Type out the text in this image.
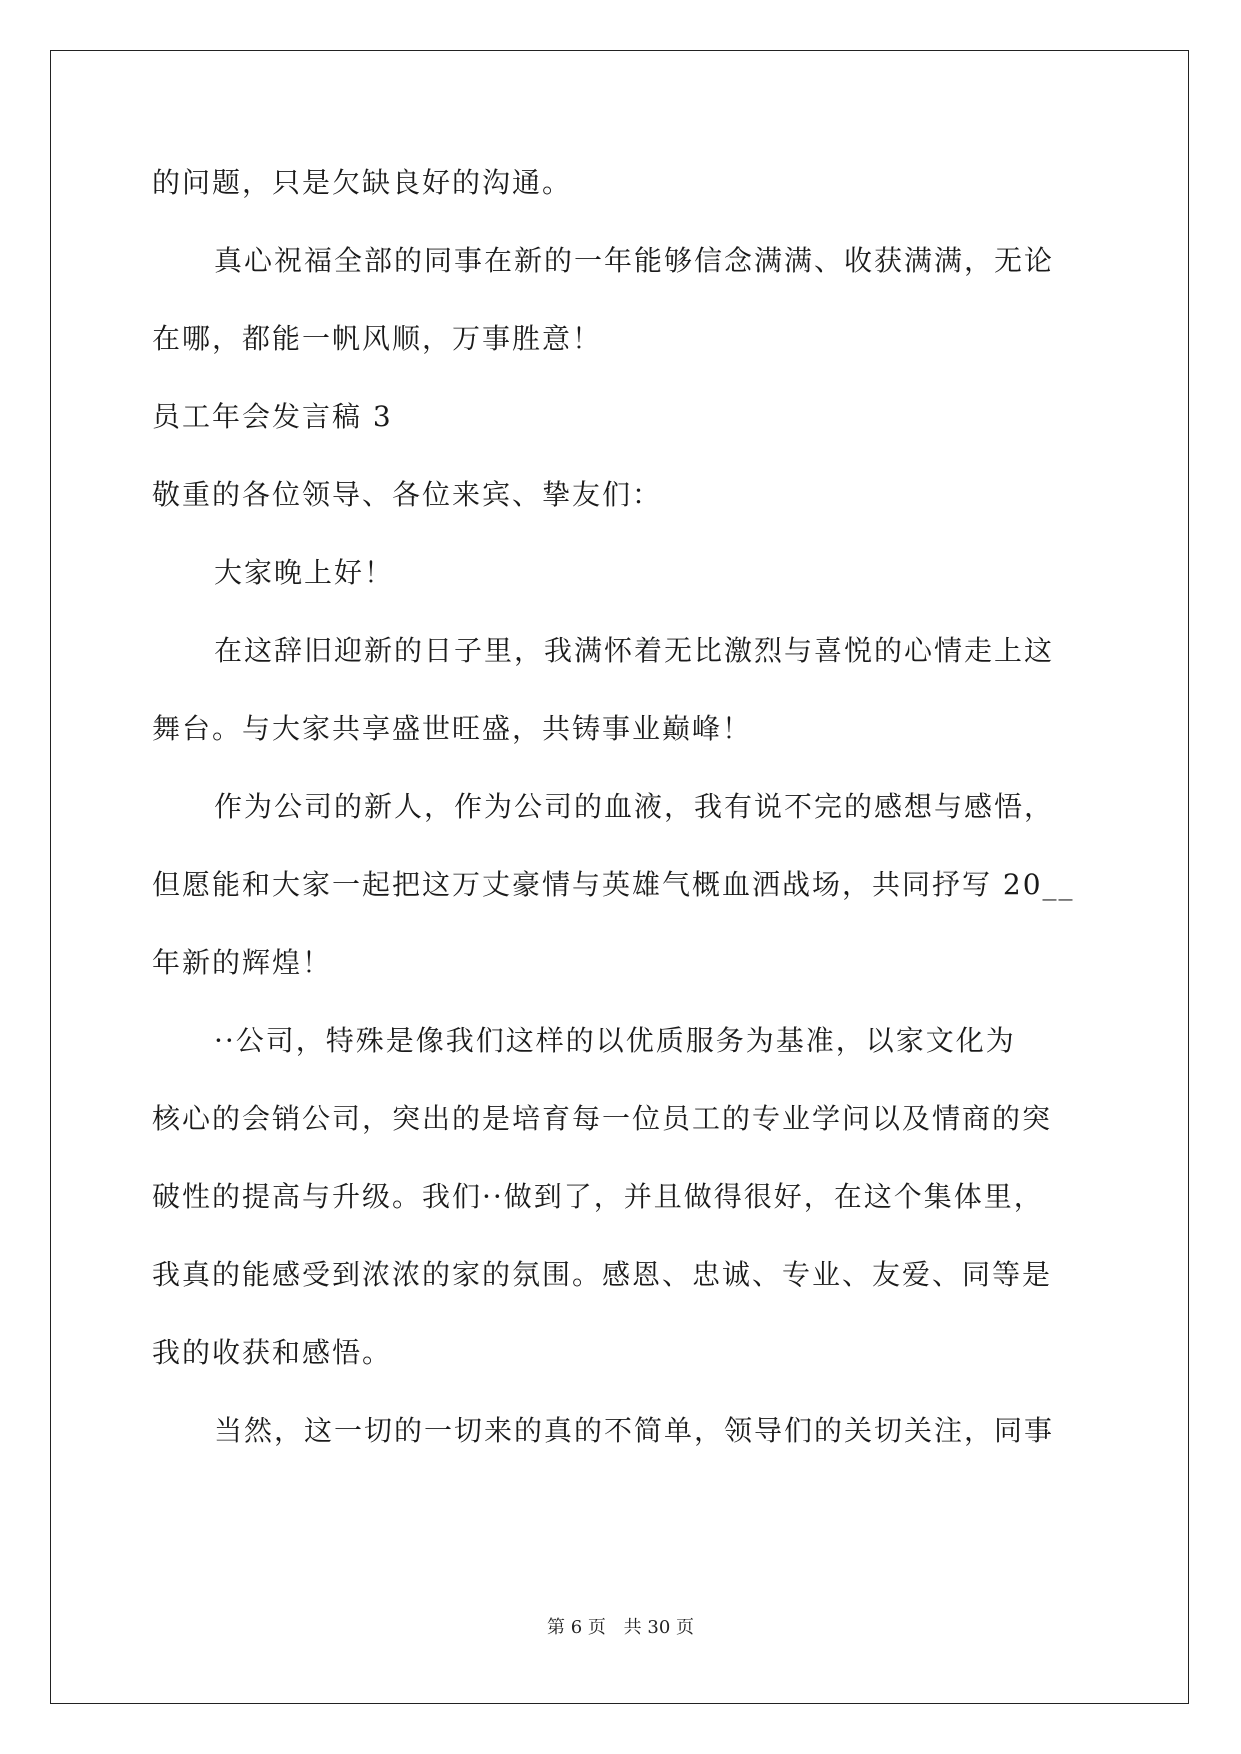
的问题，只是欠缺良好的沟通。
真心祝福全部的同事在新的一年能够信念满满、收获满满，无论
在哪，都能一帆风顺，万事胜意！
员工年会发言稿 3
敬重的各位领导、各位来宾、挚友们：
大家晚上好！
在这辞旧迎新的日子里，我满怀着无比激烈与喜悦的心情走上这
舞台。与大家共享盛世旺盛，共铸事业巅峰！
作为公司的新人，作为公司的血液，我有说不完的感想与感悟，
但愿能和大家一起把这万丈豪情与英雄气概血洒战场，共同抒写 20__
年新的辉煌！
··公司，特殊是像我们这样的以优质服务为基准，以家文化为
核心的会销公司，突出的是培育每一位员工的专业学问以及情商的突
破性的提高与升级。我们··做到了，并且做得很好，在这个集体里，
我真的能感受到浓浓的家的氛围。感恩、忠诚、专业、友爱、同等是
我的收获和感悟。
当然，这一切的一切来的真的不简单，领导们的关切关注，同事
第 6 页 共 30 页
